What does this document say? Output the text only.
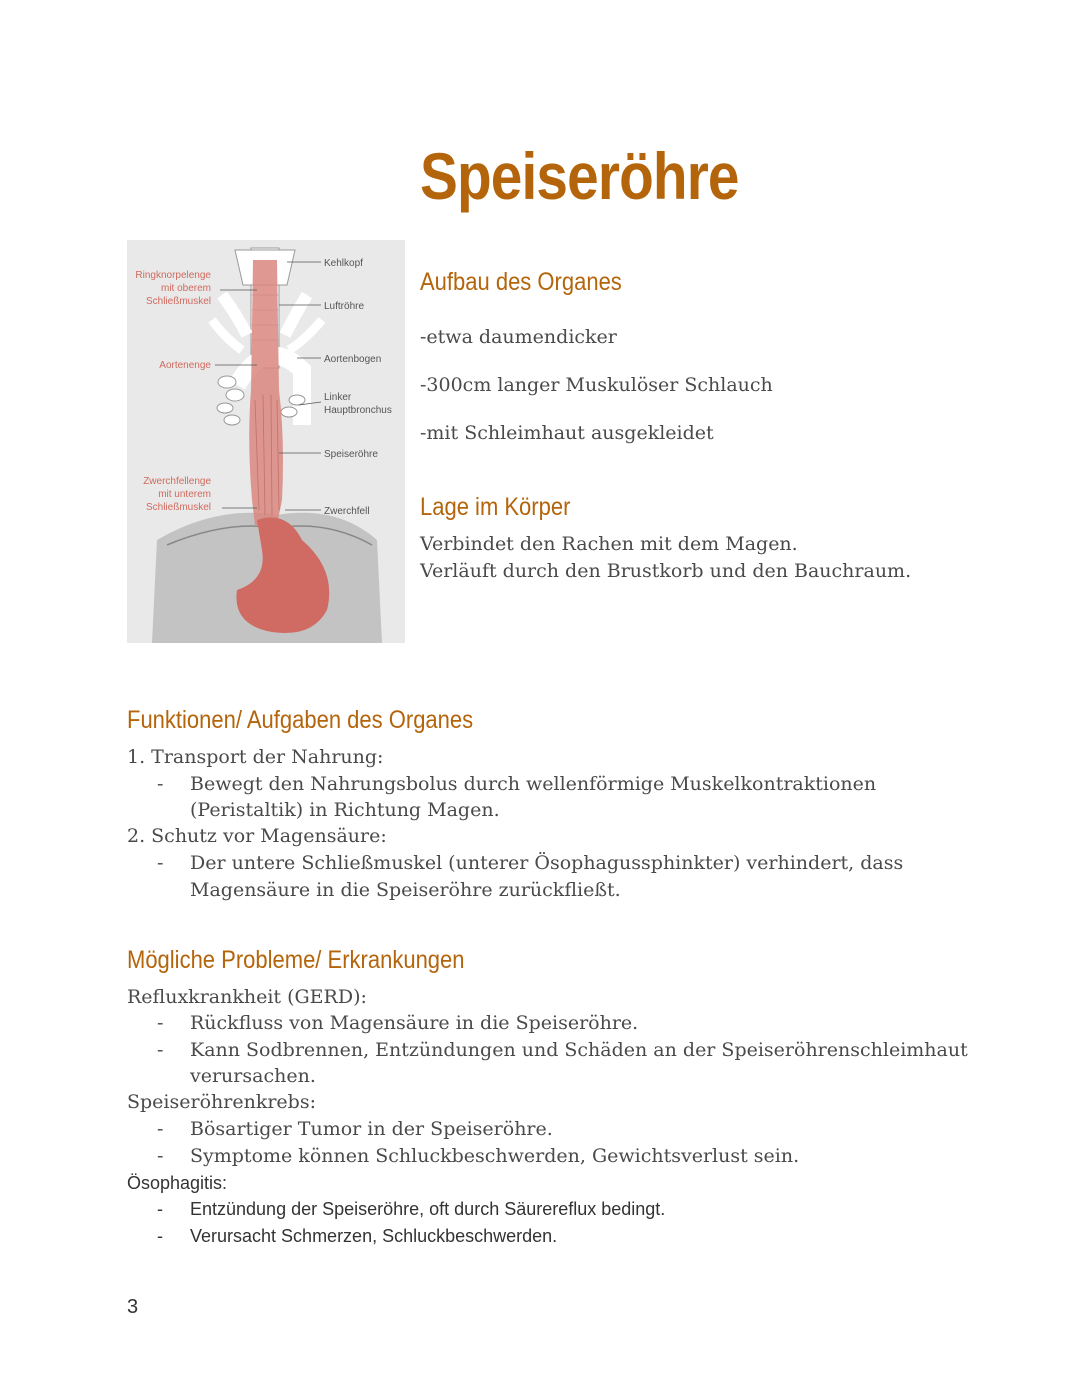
Speiseröhre
Ringknorpelenge
mit oberem
Schließmuskel
Aortenenge
Zwerchfellenge
mit unterem
Schließmuskel
Kehlkopf
Luftröhre
Aortenbogen
Linker
Hauptbronchus
Speiseröhre
Zwerchfell
Aufbau des Organes
-etwa daumendicker
-300cm langer Muskulöser Schlauch
-mit Schleimhaut ausgekleidet
Lage im Körper
Verbindet den Rachen mit dem Magen.
Verläuft durch den Brustkorb und den Bauchraum.
Funktionen/ Aufgaben des Organes
1. Transport der Nahrung:
- Bewegt den Nahrungsbolus durch wellenförmige Muskelkontraktionen
(Peristaltik) in Richtung Magen.
2. Schutz vor Magensäure:
- Der untere Schließmuskel (unterer Ösophagussphinkter) verhindert, dass
Magensäure in die Speiseröhre zurückfließt.
Mögliche Probleme/ Erkrankungen
Refluxkrankheit (GERD):
- Rückfluss von Magensäure in die Speiseröhre.
- Kann Sodbrennen, Entzündungen und Schäden an der Speiseröhrenschleimhaut
verursachen.
Speiseröhrenkrebs:
- Bösartiger Tumor in der Speiseröhre.
- Symptome können Schluckbeschwerden, Gewichtsverlust sein.
Ösophagitis:
- Entzündung der Speiseröhre, oft durch Säurereflux bedingt.
- Verursacht Schmerzen, Schluckbeschwerden.
3
